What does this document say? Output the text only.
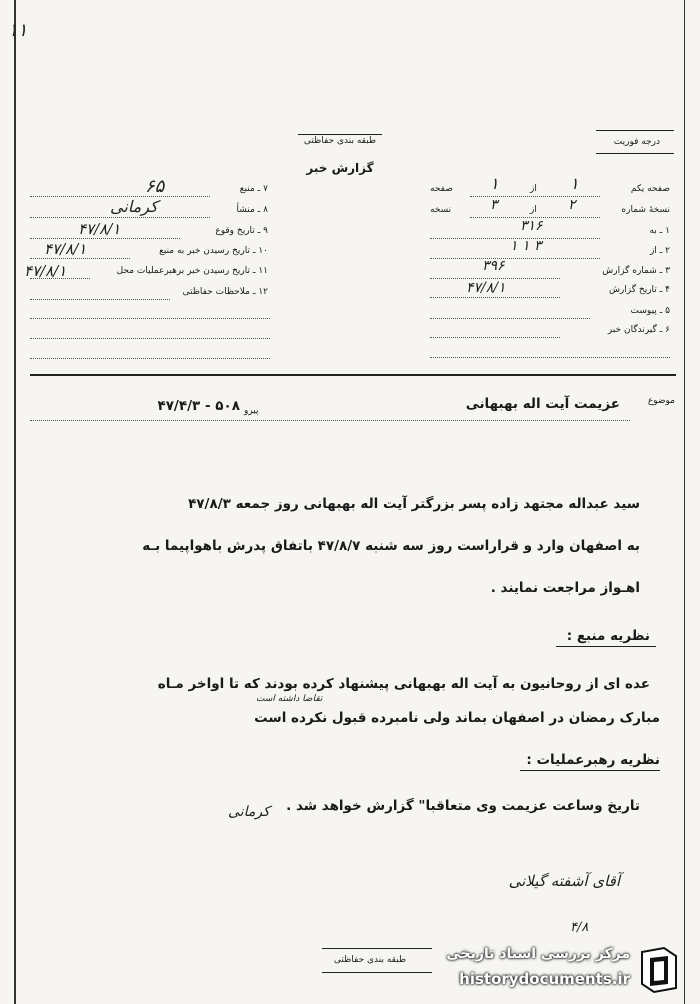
۱۱
طبقه بندی حفاظتی
گزارش خبر
درجه فوریت
۷ ـ منبع
۶۵
۸ ـ منشأ
کرمانی
۹ ـ تاریخ وقوع
۴۷/۸/۱
۱۰ ـ تاریخ رسیدن خبر به منبع
۴۷/۸/۱
۱۱ ـ تاریخ رسیدن خبر برهبرعملیات محل
۴۷/۸/۱
۱۲ ـ ملاحظات حفاظتی
صفحه یکم
۱
از
۱
صفحه
نسخهٔ شماره
۲
از
۳
نسخه
۱ ـ به
۳۱۶
۲ ـ از
۱ ۱ ۳
۳ ـ شماره گزارش
۳۹۶
۴ ـ تاریخ گزارش
۴۷/۸/۱
۵ ـ پیوست
۶ ـ گیرندگان خبر
موضوع
عزیمت آیت اله بهبهانی
پیرو
۴۷/۴/۳ - ۵۰۸
سید عبداله مجتهد زاده پسر بزرگتر آیت اله بهبهانی روز جمعه ۴۷/۸/۳
به اصفهان وارد و قراراست روز سه شنبه ۴۷/۸/۷ باتفاق پدرش باهواپیما بـه
اهـواز مراجعت نمایند .
نظریه منبع :
عده ای از روحانیون به آیت اله بهبهانی پیشنهاد کرده بودند که تا اواخر مـاه
تقاضا داشته است
مبارک رمضان در اصفهان بماند ولی نامبرده قبول نکرده است
نظریه رهبرعملیات :
تاریخ وساعت عزیمت وی متعاقبا" گزارش خواهد شد .
کرمانی
آقای آشفته گیلانی
۴/۸
طبقه بندی حفاظتی	مرکز بررسی اسناد تاریخی
historydocuments.ir
